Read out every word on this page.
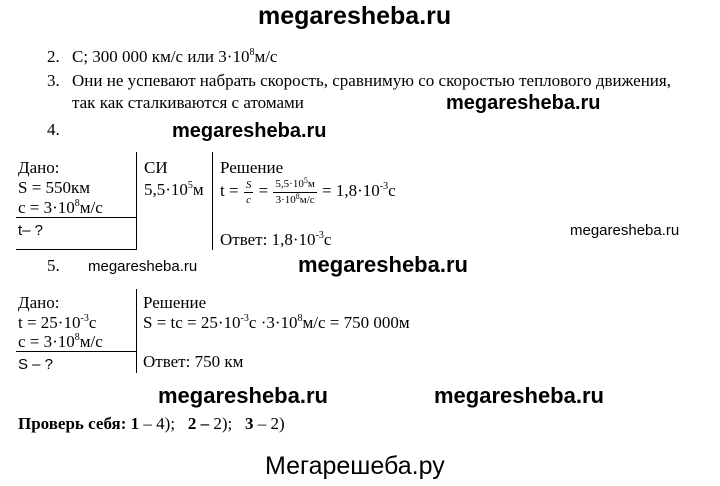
megaresheba.ru
megaresheba.ru
megaresheba.ru
megaresheba.ru
megaresheba.ru	megaresheba.ru
megaresheba.ru	megaresheba.ru
Мегарешеба.ру
2. С; 300 000 км/с или $3\cdot 10^8м/с$
3. Они не успевают набрать скорость, сравнимую со скоростью теплового движения,
так как сталкиваются с атомами
4.
Дано:
S = 550км
$с = 3\cdot 10^8м/с$
t– ?
СИ
$5,5\cdot 10^5м$
Решение
$t = \frac{S}{c} = \frac{5,5\cdot 10^5м}{3\cdot 10^8м/с} = 1,8\cdot 10^{-3}с$
Ответ: $1,8\cdot 10^{-3}с$
5.
Дано:
$t = 25\cdot 10^{-3}с$
$с = 3\cdot 10^8м/с$
S – ?
Решение
S = tc = $25\cdot 10^{-3}с \cdot 3\cdot 10^8м/с = 750$ 000м
Ответ: 750 км
Проверь себя: 1 – 4); 2 – 2); 3 – 2)
